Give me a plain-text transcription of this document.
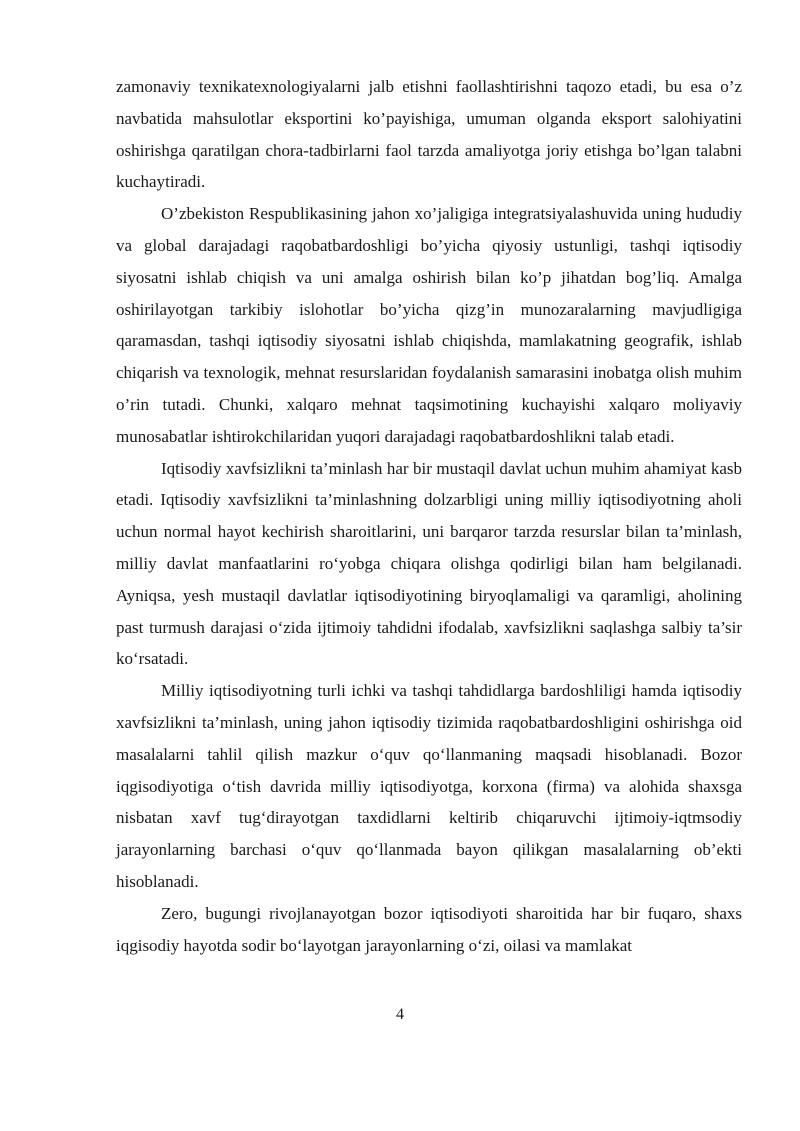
zamonaviy texnikatexnologiyalarni jalb etishni faollashtirishni taqozo etadi, bu esa o’z navbatida mahsulotlar eksportini ko’payishiga, umuman olganda eksport salohiyatini oshirishga qaratilgan chora-tadbirlarni faol tarzda amaliyotga joriy etishga bo’lgan talabni kuchaytiradi.

O’zbekiston Respublikasining jahon xo’jaligiga integratsiyalashuvida uning hududiy va global darajadagi raqobatbardoshligi bo’yicha qiyosiy ustunligi, tashqi iqtisodiy siyosatni ishlab chiqish va uni amalga oshirish bilan ko’p jihatdan bog’liq. Amalga oshirilayotgan tarkibiy islohotlar bo’yicha qizg’in munozaralarning mavjudligiga qaramasdan, tashqi iqtisodiy siyosatni ishlab chiqishda, mamlakatning geografik, ishlab chiqarish va texnologik, mehnat resurslaridan foydalanish samarasini inobatga olish muhim o’rin tutadi. Chunki, xalqaro mehnat taqsimotining kuchayishi xalqaro moliyaviy munosabatlar ishtirokchilaridan yuqori darajadagi raqobatbardoshlikni talab etadi.

Iqtisodiy xavfsizlikni ta’minlash har bir mustaqil davlat uchun muhim ahamiyat kasb etadi. Iqtisodiy xavfsizlikni ta’minlashning dolzarbligi uning milliy iqtisodiyotning aholi uchun normal hayot kechirish sharoitlarini, uni barqaror tarzda resurslar bilan ta’minlash, milliy davlat manfaatlarini ro‘yobga chiqara olishga qodirligi bilan ham belgilanadi. Ayniqsa, yesh mustaqil davlatlar iqtisodiyotining biryoqlamaligi va qaramligi, aholining past turmush darajasi o‘zida ijtimoiy tahdidni ifodalab, xavfsizlikni saqlashga salbiy ta’sir ko‘rsatadi.

Milliy iqtisodiyotning turli ichki va tashqi tahdidlarga bardoshliligi hamda iqtisodiy xavfsizlikni ta’minlash, uning jahon iqtisodiy tizimida raqobatbardoshligini oshirishga oid masalalarni tahlil qilish mazkur o‘quv qo‘llanmaning maqsadi hisoblanadi. Bozor iqgisodiyotiga o‘tish davrida milliy iqtisodiyotga, korxona (firma) va alohida shaxsga nisbatan xavf tug‘dirayotgan taxdidlarni keltirib chiqaruvchi ijtimoiy-iqtmsodiy jarayonlarning barchasi o‘quv qo‘llanmada bayon qilikgan masalalarning ob’ekti hisoblanadi.

Zero, bugungi rivojlanayotgan bozor iqtisodiyoti sharoitida har bir fuqaro, shaxs iqgisodiy hayotda sodir bo‘layotgan jarayonlarning o‘zi, oilasi va mamlakat

4
